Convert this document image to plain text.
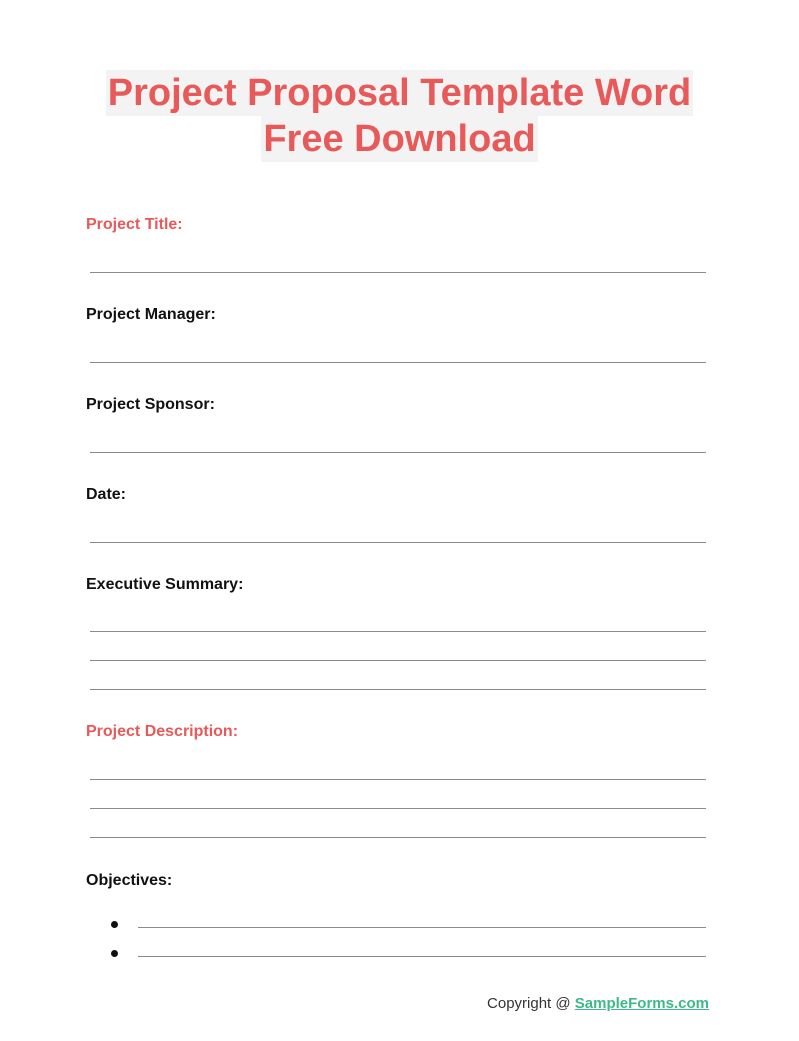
Project Proposal Template Word
Free Download
Project Title:
Project Manager:
Project Sponsor:
Date:
Executive Summary:
Project Description:
Objectives:
Copyright @ SampleForms.com
